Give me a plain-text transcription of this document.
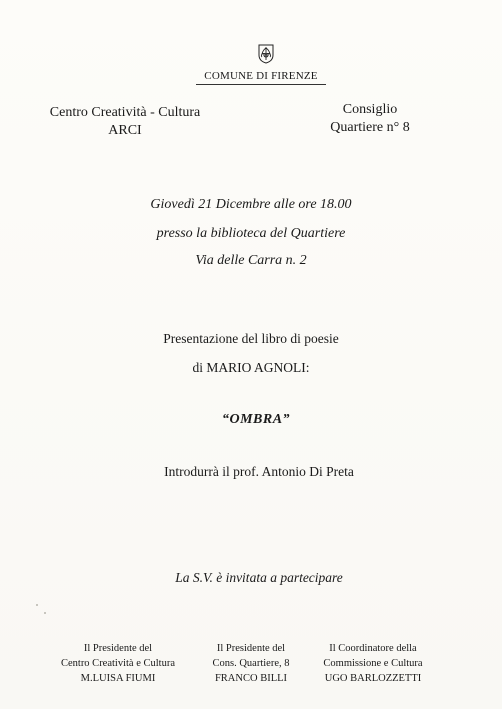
COMUNE DI FIRENZE
Centro Creatività - Cultura
ARCI
Consiglio
Quartiere n° 8
Giovedì 21 Dicembre alle ore 18.00
presso la biblioteca del Quartiere
Via delle Carra n. 2
Presentazione del libro di poesie
di MARIO AGNOLI:
“OMBRA”
Introdurrà il prof. Antonio Di Preta
La S.V. è invitata a partecipare
Il Presidente del
Centro Creatività e Cultura
M.LUISA FIUMI
Il Presidente del
Cons. Quartiere, 8
FRANCO BILLI
Il Coordinatore della
Commissione e Cultura
UGO BARLOZZETTI
